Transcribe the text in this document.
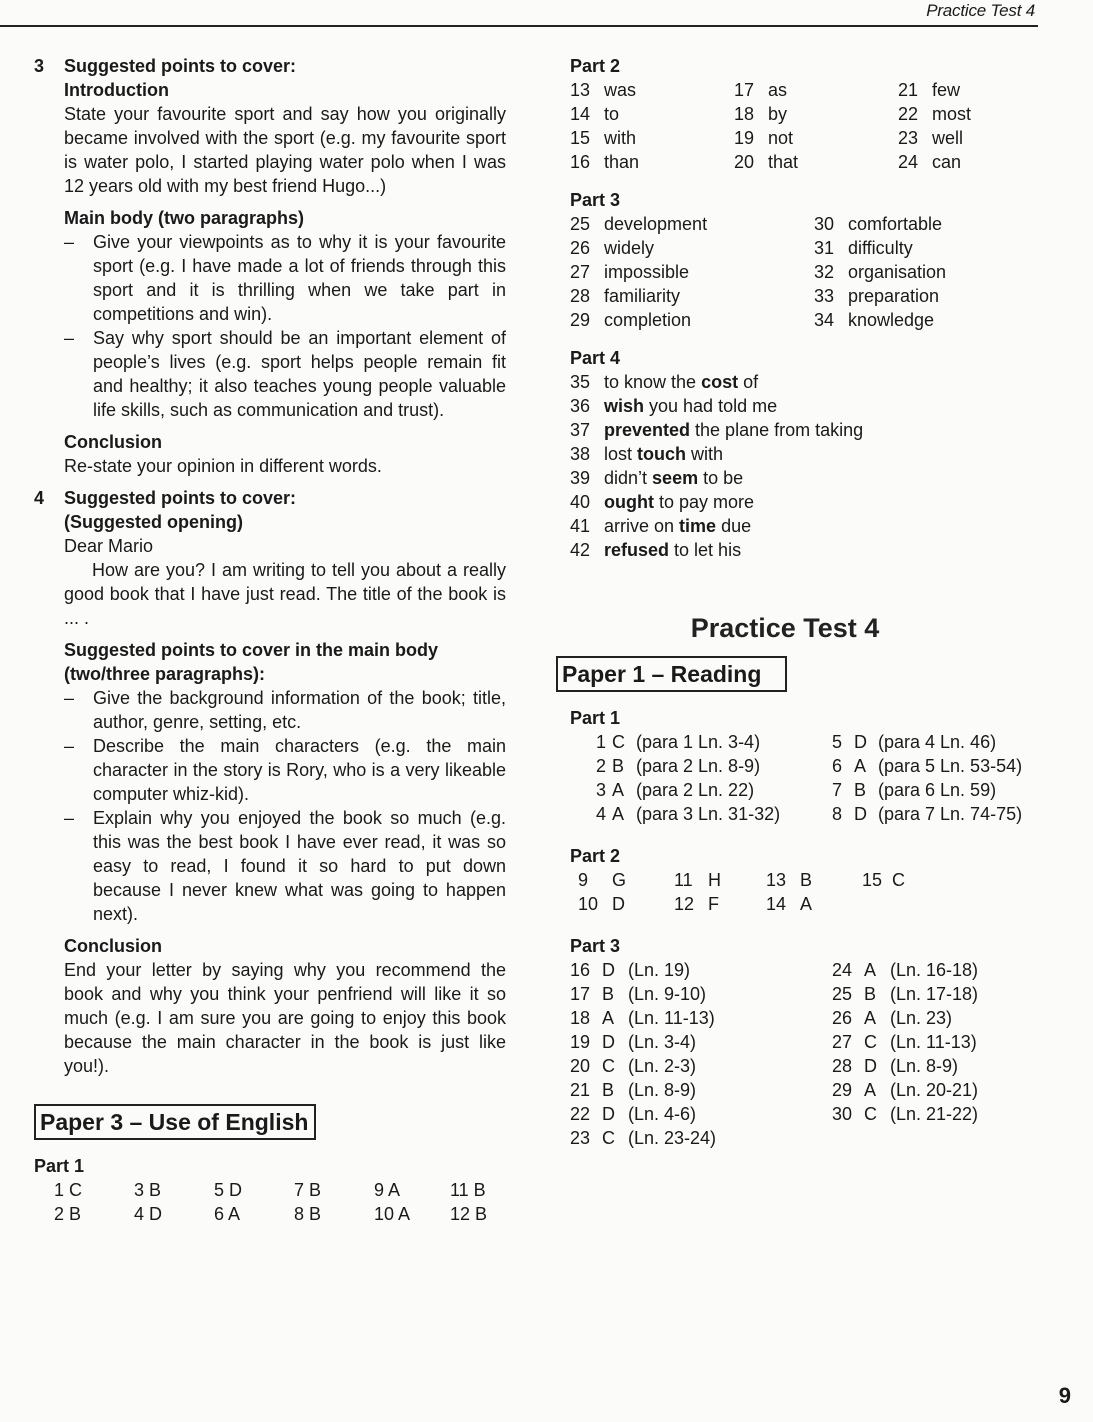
Practice Test 4
3	Suggested points to cover:
Introduction

State your favourite sport and say how you originally became involved with the sport (e.g. my favourite sport is water polo, I started playing water polo when I was 12 years old with my best friend Hugo...)

Main body (two paragraphs)
–	Give your viewpoints as to why it is your favourite sport (e.g. I have made a lot of friends through this sport and it is thrilling when we take part in competitions and win).
–	Say why sport should be an important element of people’s lives (e.g. sport helps people remain fit and healthy; it also teaches young people valuable life skills, such as communication and trust).
Conclusion

Re-state your opinion in different words.

4	Suggested points to cover:
(Suggested opening)
Dear Mario

How are you? I am writing to tell you about a really good book that I have just read. The title of the book is ... .

Suggested points to cover in the main body (two/three paragraphs):
–	Give the background information of the book; title, author, genre, setting, etc.
–	Describe the main characters (e.g. the main character in the story is Rory, who is a very likeable computer whiz-kid).
–	Explain why you enjoyed the book so much (e.g. this was the best book I have ever read, it was so easy to read, I found it so hard to put down because I never knew what was going to happen next).
Conclusion

End your letter by saying why you recommend the book and why you think your penfriend will like it so much (e.g. I am sure you are going to enjoy this book because the main character in the book is just like you!).

Paper 3 – Use of English
Part 1
1 C	3 B	5 D	7 B	9 A	11 B
2 B	4 D	6 A	8 B	10 A	12 B
Part 2
13 was	17 as	21 few
14 to	18 by	22 most
15 with	19 not	23 well
16 than	20 that	24 can
Part 3
25 development	30 comfortable
26 widely	31 difficulty
27 impossible	32 organisation
28 familiarity	33 preparation
29 completion	34 knowledge
Part 4
35 to know the cost of
36 wish you had told me
37 prevented the plane from taking
38 lost touch with
39 didn’t seem to be
40 ought to pay more
41 arrive on time due
42 refused to let his
Practice Test 4
Paper 1 – Reading
Part 1
1 C (para 1 Ln. 3-4)
2 B (para 2 Ln. 8-9)
3 A (para 2 Ln. 22)
4 A (para 3 Ln. 31-32)
5 D (para 4 Ln. 46)
6 A (para 5 Ln. 53-54)
7 B (para 6 Ln. 59)
8 D (para 7 Ln. 74-75)
Part 2
9	G	11 H	13 B	15 C
10 D	12 F	14 A
Part 3
16 D (Ln. 19)
17 B (Ln. 9-10)
18 A (Ln. 11-13)
19 D (Ln. 3-4)
20 C (Ln. 2-3)
21 B (Ln. 8-9)
22 D (Ln. 4-6)
23 C (Ln. 23-24)
24 A (Ln. 16-18)
25 B (Ln. 17-18)
26 A (Ln. 23)
27 C (Ln. 11-13)
28 D (Ln. 8-9)
29 A (Ln. 20-21)
30 C (Ln. 21-22)
9
